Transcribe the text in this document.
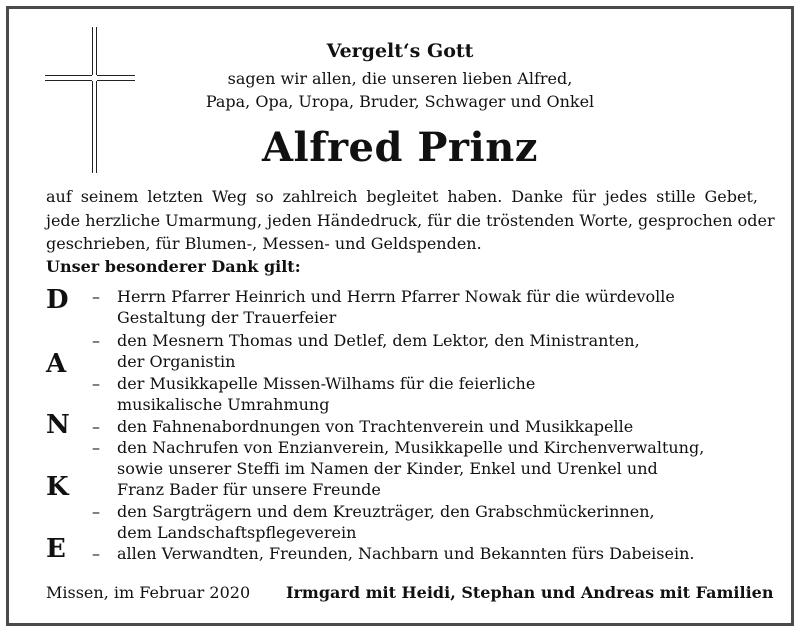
Vergelt‘s Gott
sagen wir allen, die unseren lieben Alfred,
Papa, Opa, Uropa, Bruder, Schwager und Onkel
Alfred Prinz
auf seinem letzten Weg so zahlreich begleitet haben. Danke für jedes stille Gebet,
jede herzliche Umarmung, jeden Händedruck, für die tröstenden Worte, gesprochen oder
geschrieben, für Blumen-, Messen- und Geldspenden.
Unser besonderer Dank gilt:
D
A
N
K
E
– Herrn Pfarrer Heinrich und Herrn Pfarrer Nowak für die würdevolle
Gestaltung der Trauerfeier
– den Mesnern Thomas und Detlef, dem Lektor, den Ministranten,
der Organistin
– der Musikkapelle Missen-Wilhams für die feierliche
musikalische Umrahmung
– den Fahnenabordnungen von Trachtenverein und Musikkapelle
– den Nachrufen von Enzianverein, Musikkapelle und Kirchenverwaltung,
sowie unserer Steffi im Namen der Kinder, Enkel und Urenkel und
Franz Bader für unsere Freunde
– den Sargträgern und dem Kreuzträger, den Grabschmückerinnen,
dem Landschaftspflegeverein
– allen Verwandten, Freunden, Nachbarn und Bekannten fürs Dabeisein.
Missen, im Februar 2020 Irmgard mit Heidi, Stephan und Andreas mit Familien
